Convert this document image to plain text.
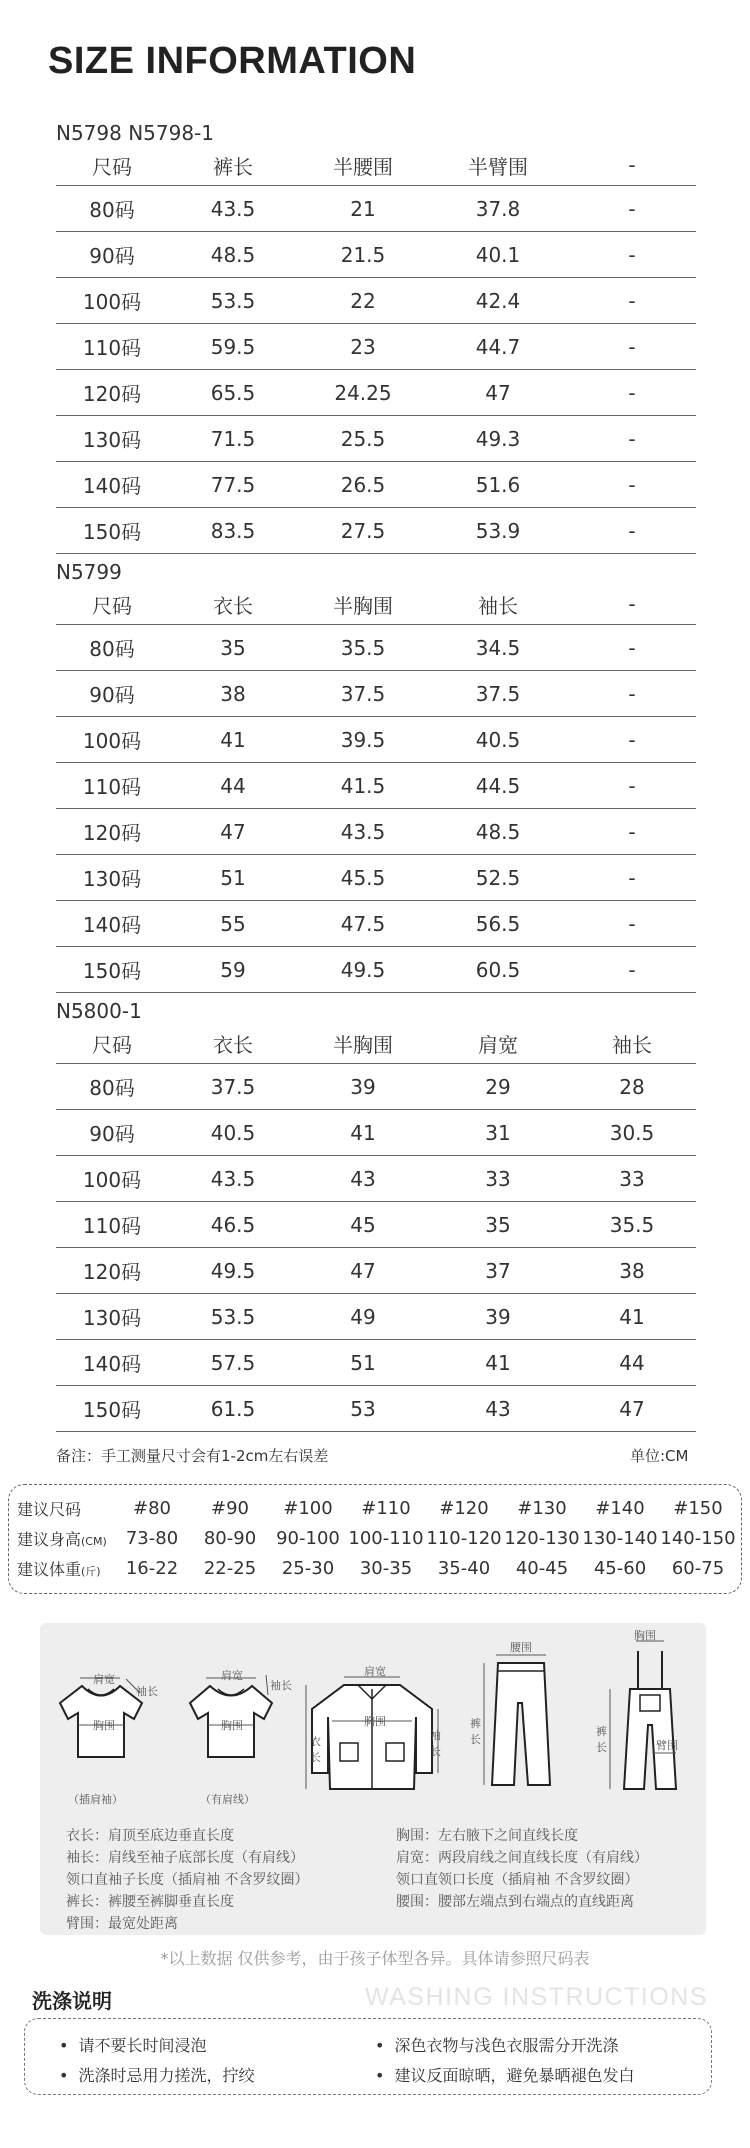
SIZE INFORMATION
N5798 N5798-1
尺码	裤长	半腰围	半臂围	-
80码	43.5	21	37.8	-
90码	48.5	21.5	40.1	-
100码	53.5	22	42.4	-
110码	59.5	23	44.7	-
120码	65.5	24.25	47	-
130码	71.5	25.5	49.3	-
140码	77.5	26.5	51.6	-
150码	83.5	27.5	53.9	-
N5799
尺码	衣长	半胸围	袖长	-
80码	35	35.5	34.5	-
90码	38	37.5	37.5	-
100码	41	39.5	40.5	-
110码	44	41.5	44.5	-
120码	47	43.5	48.5	-
130码	51	45.5	52.5	-
140码	55	47.5	56.5	-
150码	59	49.5	60.5	-
N5800-1
尺码	衣长	半胸围	肩宽	袖长
80码	37.5	39	29	28
90码	40.5	41	31	30.5
100码	43.5	43	33	33
110码	46.5	45	35	35.5
120码	49.5	47	37	38
130码	53.5	49	39	41
140码	57.5	51	41	44
150码	61.5	53	43	47
备注：手工测量尺寸会有1-2cm左右误差	单位:CM
建议尺码	#80	#90	#100	#110	#120	#130	#140	#150
建议身高(CM)	73-80	80-90	90-100	100-110	110-120	120-130	130-140	140-150
建议体重(斤)	16-22	22-25	25-30	30-35	35-40	40-45	45-60	60-75
肩宽
胸围
袖长
（插肩袖）
肩宽
胸围
袖长
（有肩线）
肩宽
胸围
衣长
袖长
腰围
裤长
胸围
裤长	臂围
衣长：肩顶至底边垂直长度
袖长：肩线至袖子底部长度（有肩线）
领口直袖子长度（插肩袖 不含罗纹圈）
裤长：裤腰至裤脚垂直长度
臂围：最宽处距离
胸围：左右腋下之间直线长度
肩宽：两段肩线之间直线长度（有肩线）
领口直领口长度（插肩袖 不含罗纹圈）
腰围：腰部左端点到右端点的直线距离
*以上数据 仅供参考，由于孩子体型各异。具体请参照尺码表
洗涤说明	WASHING INSTRUCTIONS
• 请不要长时间浸泡	• 深色衣物与浅色衣服需分开洗涤
• 洗涤时忌用力搓洗，拧绞	• 建议反面晾晒，避免暴晒褪色发白
